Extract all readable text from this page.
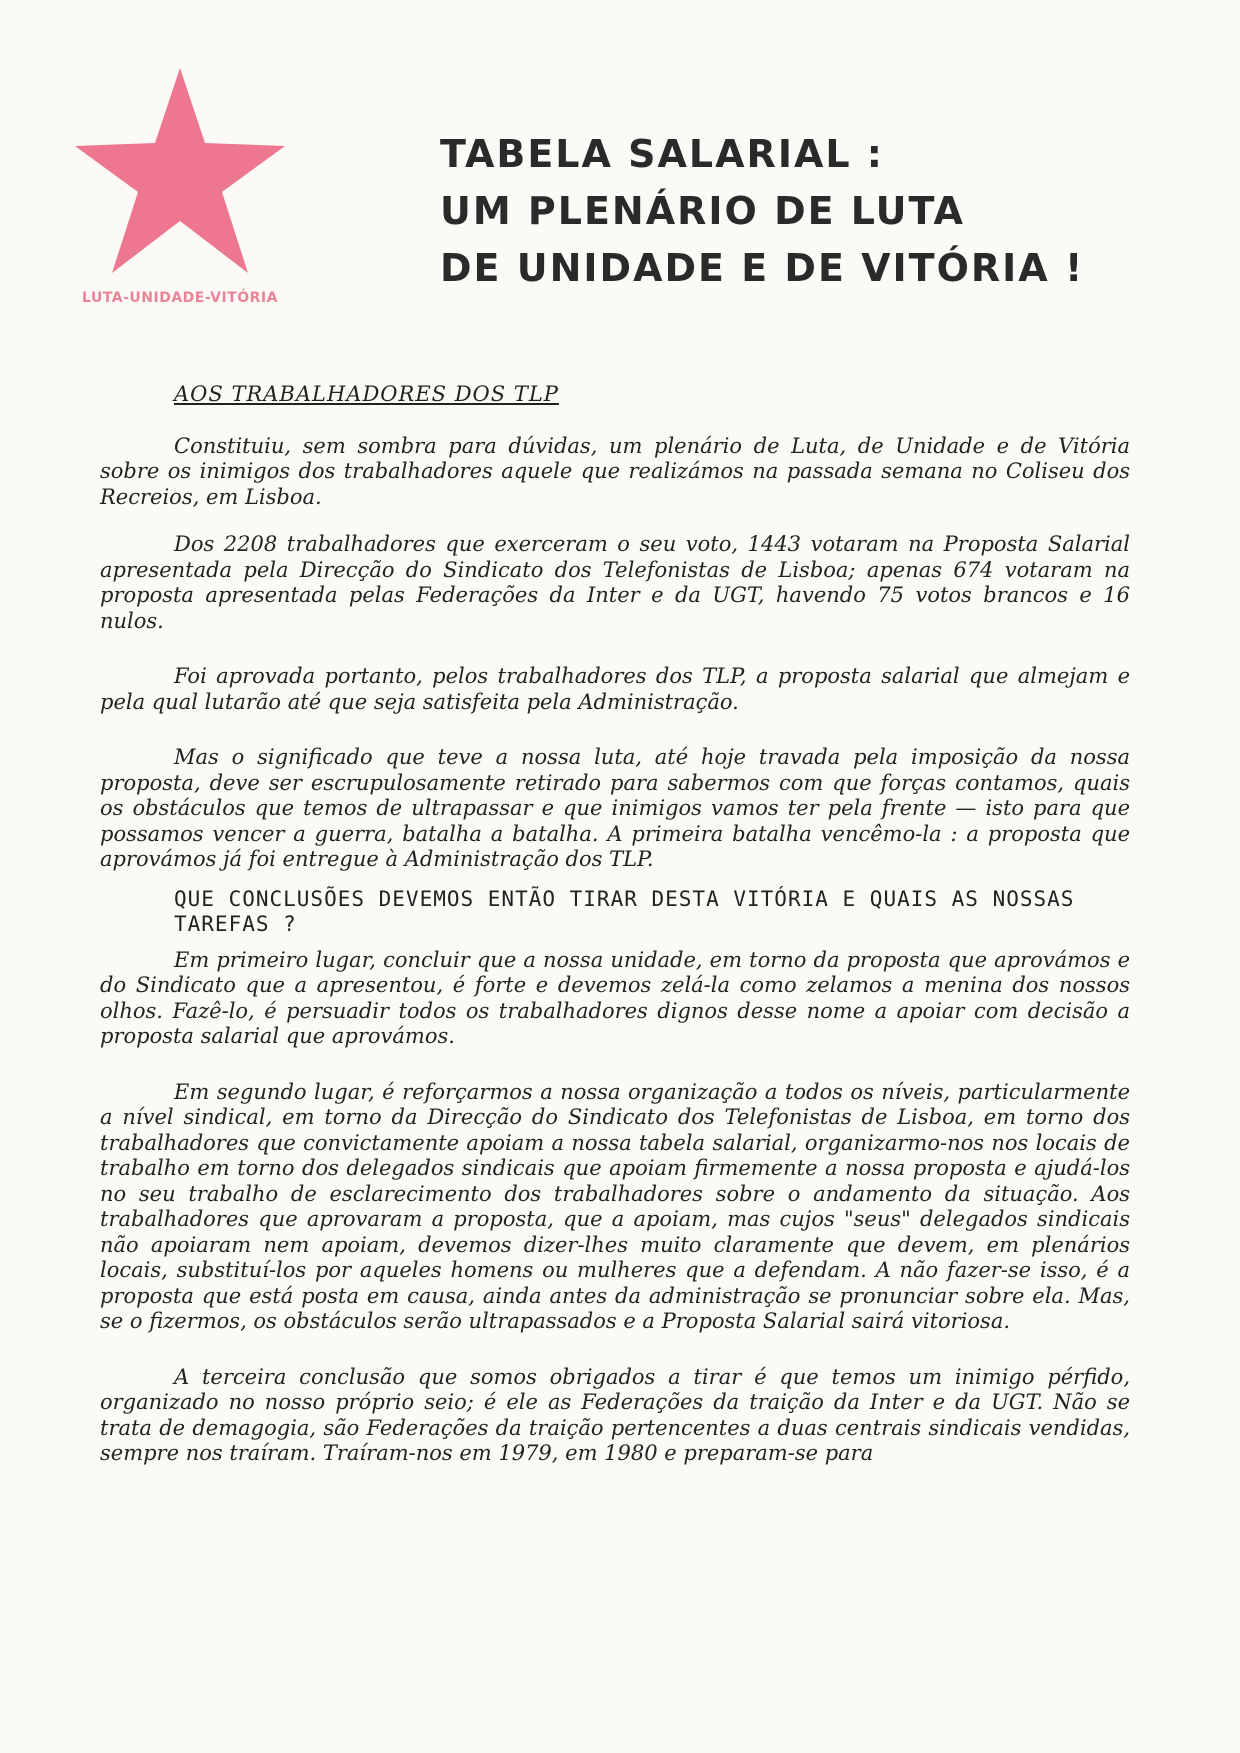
LUTA-UNIDADE-VITÓRIA
TABELA SALARIAL :
UM PLENÁRIO DE LUTA
DE UNIDADE E DE VITÓRIA !
AOS TRABALHADORES DOS TLP

Constituiu, sem sombra para dúvidas, um plenário de Luta, de Unidade e de Vitória sobre os inimigos dos trabalhadores aquele que realizámos na passada semana no Coliseu dos Recreios, em Lisboa.

Dos 2208 trabalhadores que exerceram o seu voto, 1443 votaram na Proposta Salarial apresentada pela Direcção do Sindicato dos Telefonistas de Lisboa; apenas 674 votaram na proposta apresentada pelas Federações da Inter e da UGT, havendo 75 votos brancos e 16 nulos.

Foi aprovada portanto, pelos trabalhadores dos TLP, a proposta salarial que almejam e pela qual lutarão até que seja satisfeita pela Administração.

Mas o significado que teve a nossa luta, até hoje travada pela imposição da nossa proposta, deve ser escrupulosamente retirado para sabermos com que forças contamos, quais os obstáculos que temos de ultrapassar e que inimigos vamos ter pela frente — isto para que possamos vencer a guerra, batalha a batalha. A primeira batalha vencêmo-la : a proposta que aprovámos já foi entregue à Administração dos TLP.

QUE CONCLUSÕES DEVEMOS ENTÃO TIRAR DESTA VITÓRIA E QUAIS AS NOSSAS TAREFAS ?

Em primeiro lugar, concluir que a nossa unidade, em torno da proposta que aprovámos e do Sindicato que a apresentou, é forte e devemos zelá-la como zelamos a menina dos nossos olhos. Fazê-lo, é persuadir todos os trabalhadores dignos desse nome a apoiar com decisão a proposta salarial que aprovámos.

Em segundo lugar, é reforçarmos a nossa organização a todos os níveis, particularmente a nível sindical, em torno da Direcção do Sindicato dos Telefonistas de Lisboa, em torno dos trabalhadores que convictamente apoiam a nossa tabela salarial, organizarmo-nos nos locais de trabalho em torno dos delegados sindicais que apoiam firmemente a nossa proposta e ajudá-los no seu trabalho de esclarecimento dos trabalhadores sobre o andamento da situação. Aos trabalhadores que aprovaram a proposta, que a apoiam, mas cujos "seus" delegados sindicais não apoiaram nem apoiam, devemos dizer-lhes muito claramente que devem, em plenários locais, substituí-los por aqueles homens ou mulheres que a defendam. A não fazer-se isso, é a proposta que está posta em causa, ainda antes da administração se pronunciar sobre ela. Mas, se o fizermos, os obstáculos serão ultrapassados e a Proposta Salarial sairá vitoriosa.

A terceira conclusão que somos obrigados a tirar é que temos um inimigo pérfido, organizado no nosso próprio seio; é ele as Federações da traição da Inter e da UGT. Não se trata de demagogia, são Federações da traição pertencentes a duas centrais sindicais vendidas, sempre nos traíram. Traíram-nos em 1979, em 1980 e preparam-se para
